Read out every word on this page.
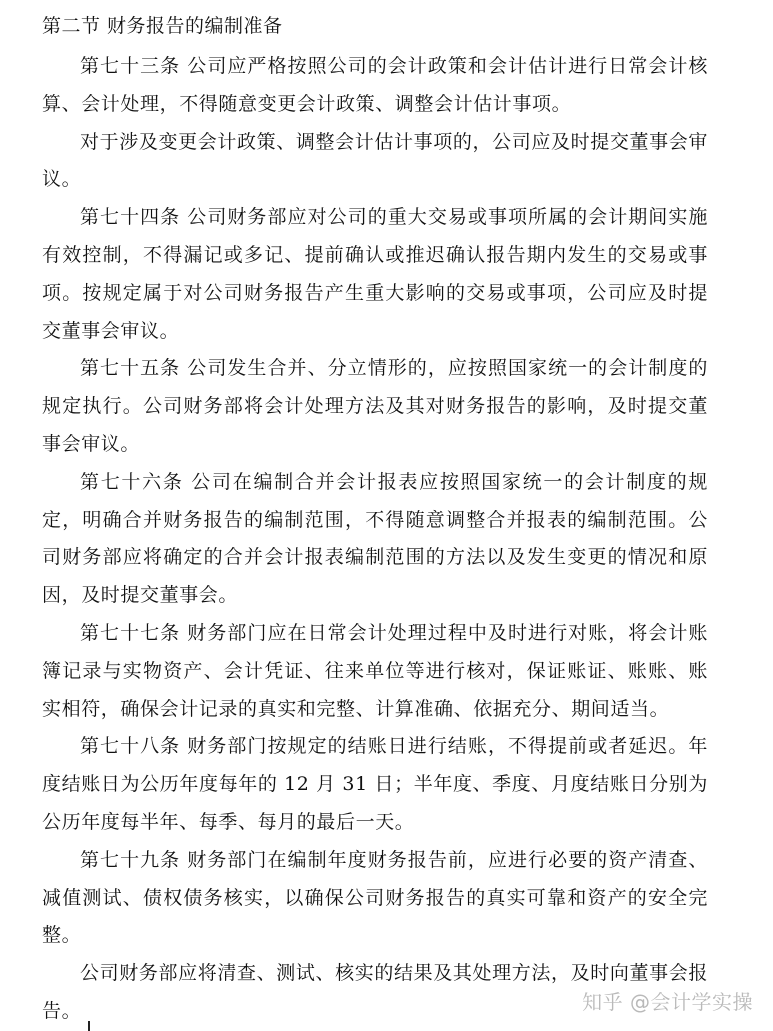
第二节 财务报告的编制准备

第七十三条 公司应严格按照公司的会计政策和会计估计进行日常会计核算、会计处理，不得随意变更会计政策、调整会计估计事项。

对于涉及变更会计政策、调整会计估计事项的，公司应及时提交董事会审议。

第七十四条 公司财务部应对公司的重大交易或事项所属的会计期间实施有效控制，不得漏记或多记、提前确认或推迟确认报告期内发生的交易或事项。按规定属于对公司财务报告产生重大影响的交易或事项，公司应及时提交董事会审议。

第七十五条 公司发生合并、分立情形的，应按照国家统一的会计制度的规定执行。公司财务部将会计处理方法及其对财务报告的影响，及时提交董事会审议。

第七十六条 公司在编制合并会计报表应按照国家统一的会计制度的规定，明确合并财务报告的编制范围，不得随意调整合并报表的编制范围。公司财务部应将确定的合并会计报表编制范围的方法以及发生变更的情况和原因，及时提交董事会。

第七十七条 财务部门应在日常会计处理过程中及时进行对账，将会计账簿记录与实物资产、会计凭证、往来单位等进行核对，保证账证、账账、账实相符，确保会计记录的真实和完整、计算准确、依据充分、期间适当。

第七十八条 财务部门按规定的结账日进行结账，不得提前或者延迟。年度结账日为公历年度每年的 12 月 31 日；半年度、季度、月度结账日分别为公历年度每半年、每季、每月的最后一天。

第七十九条 财务部门在编制年度财务报告前，应进行必要的资产清查、减值测试、债权债务核实，以确保公司财务报告的真实可靠和资产的安全完整。

公司财务部应将清查、测试、核实的结果及其处理方法，及时向董事会报告。	知乎 @会计学实操
